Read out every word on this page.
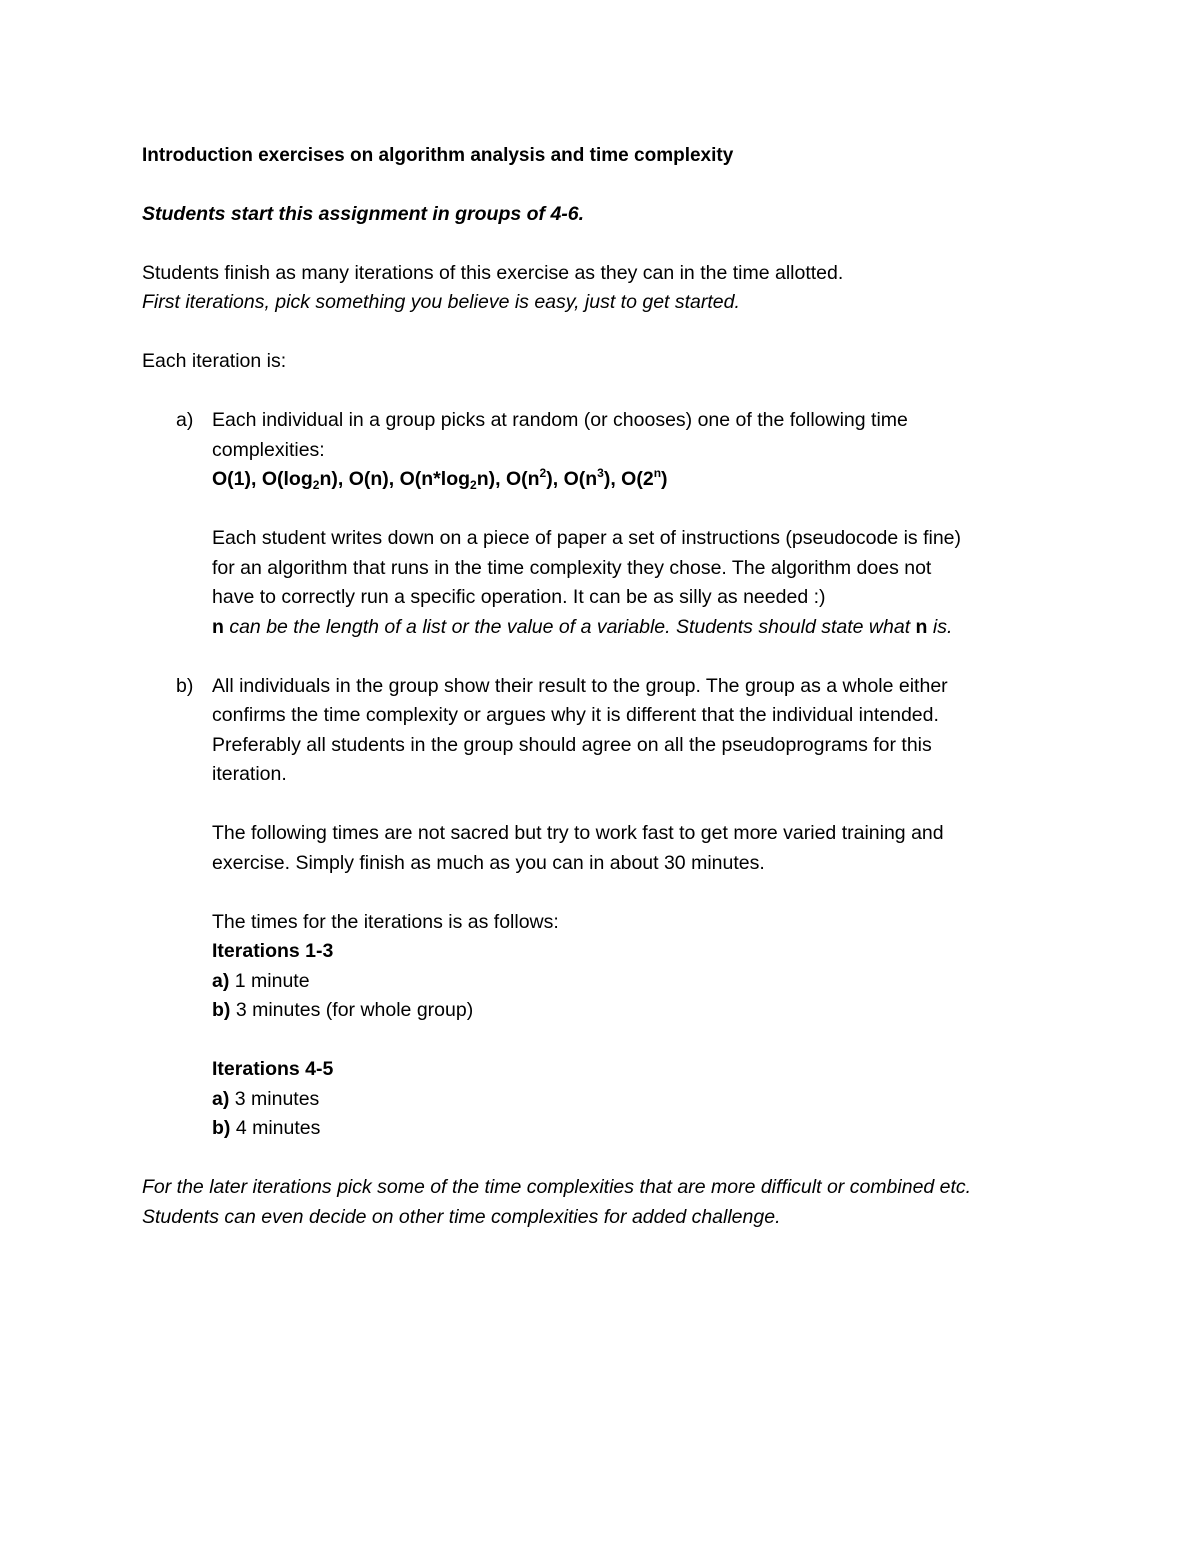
Introduction exercises on algorithm analysis and time complexity

Students start this assignment in groups of 4-6.

Students finish as many iterations of this exercise as they can in the time allotted.

First iterations, pick something you believe is easy, just to get started.

Each iteration is:

a) Each individual in a group picks at random (or chooses) one of the following time

complexities:

O(1), $O(\log_2n)$, O(n), $O(n*\log_2n)$, $O(n^2)$, $O(n^3)$, O(2$^n$)

Each student writes down on a piece of paper a set of instructions (pseudocode is fine)

for an algorithm that runs in the time complexity they chose. The algorithm does not

have to correctly run a specific operation. It can be as silly as needed :)

n can be the length of a list or the value of a variable. Students should state what n is.

b) All individuals in the group show their result to the group. The group as a whole either

confirms the time complexity or argues why it is different that the individual intended.

Preferably all students in the group should agree on all the pseudoprograms for this

iteration.

The following times are not sacred but try to work fast to get more varied training and

exercise. Simply finish as much as you can in about 30 minutes.

The times for the iterations is as follows:

Iterations 1-3

a) 1 minute

b) 3 minutes (for whole group)

Iterations 4-5

a) 3 minutes

b) 4 minutes

For the later iterations pick some of the time complexities that are more difficult or combined etc.

Students can even decide on other time complexities for added challenge.
